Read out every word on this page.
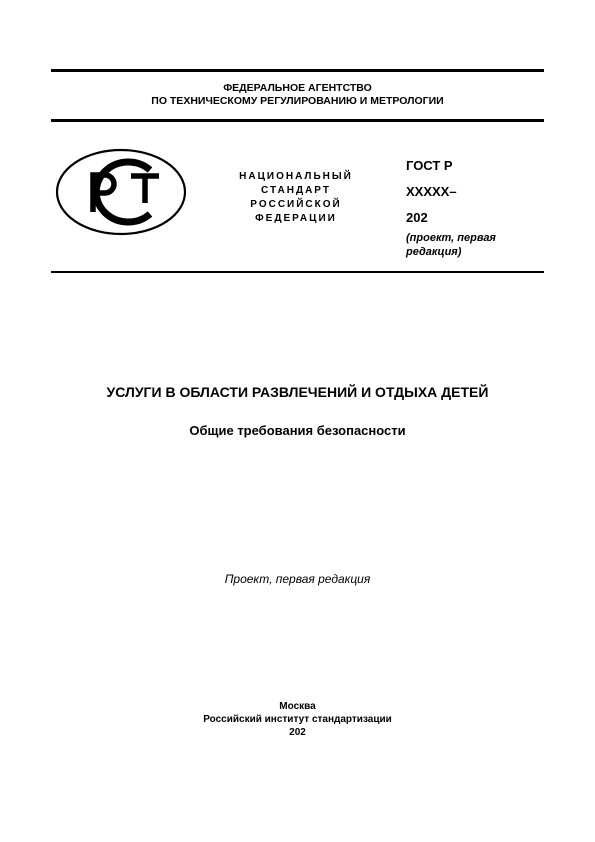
ФЕДЕРАЛЬНОЕ АГЕНТСТВО
ПО ТЕХНИЧЕСКОМУ РЕГУЛИРОВАНИЮ И МЕТРОЛОГИИ
НАЦИОНАЛЬНЫЙ
СТАНДАРТ
РОССИЙСКОЙ
ФЕДЕРАЦИИ
ГОСТ Р
XXXXX–
202
(проект, первая
редакция)
УСЛУГИ В ОБЛАСТИ РАЗВЛЕЧЕНИЙ И ОТДЫХА ДЕТЕЙ
Общие требования безопасности
Проект, первая редакция
Москва
Российский институт стандартизации
202
